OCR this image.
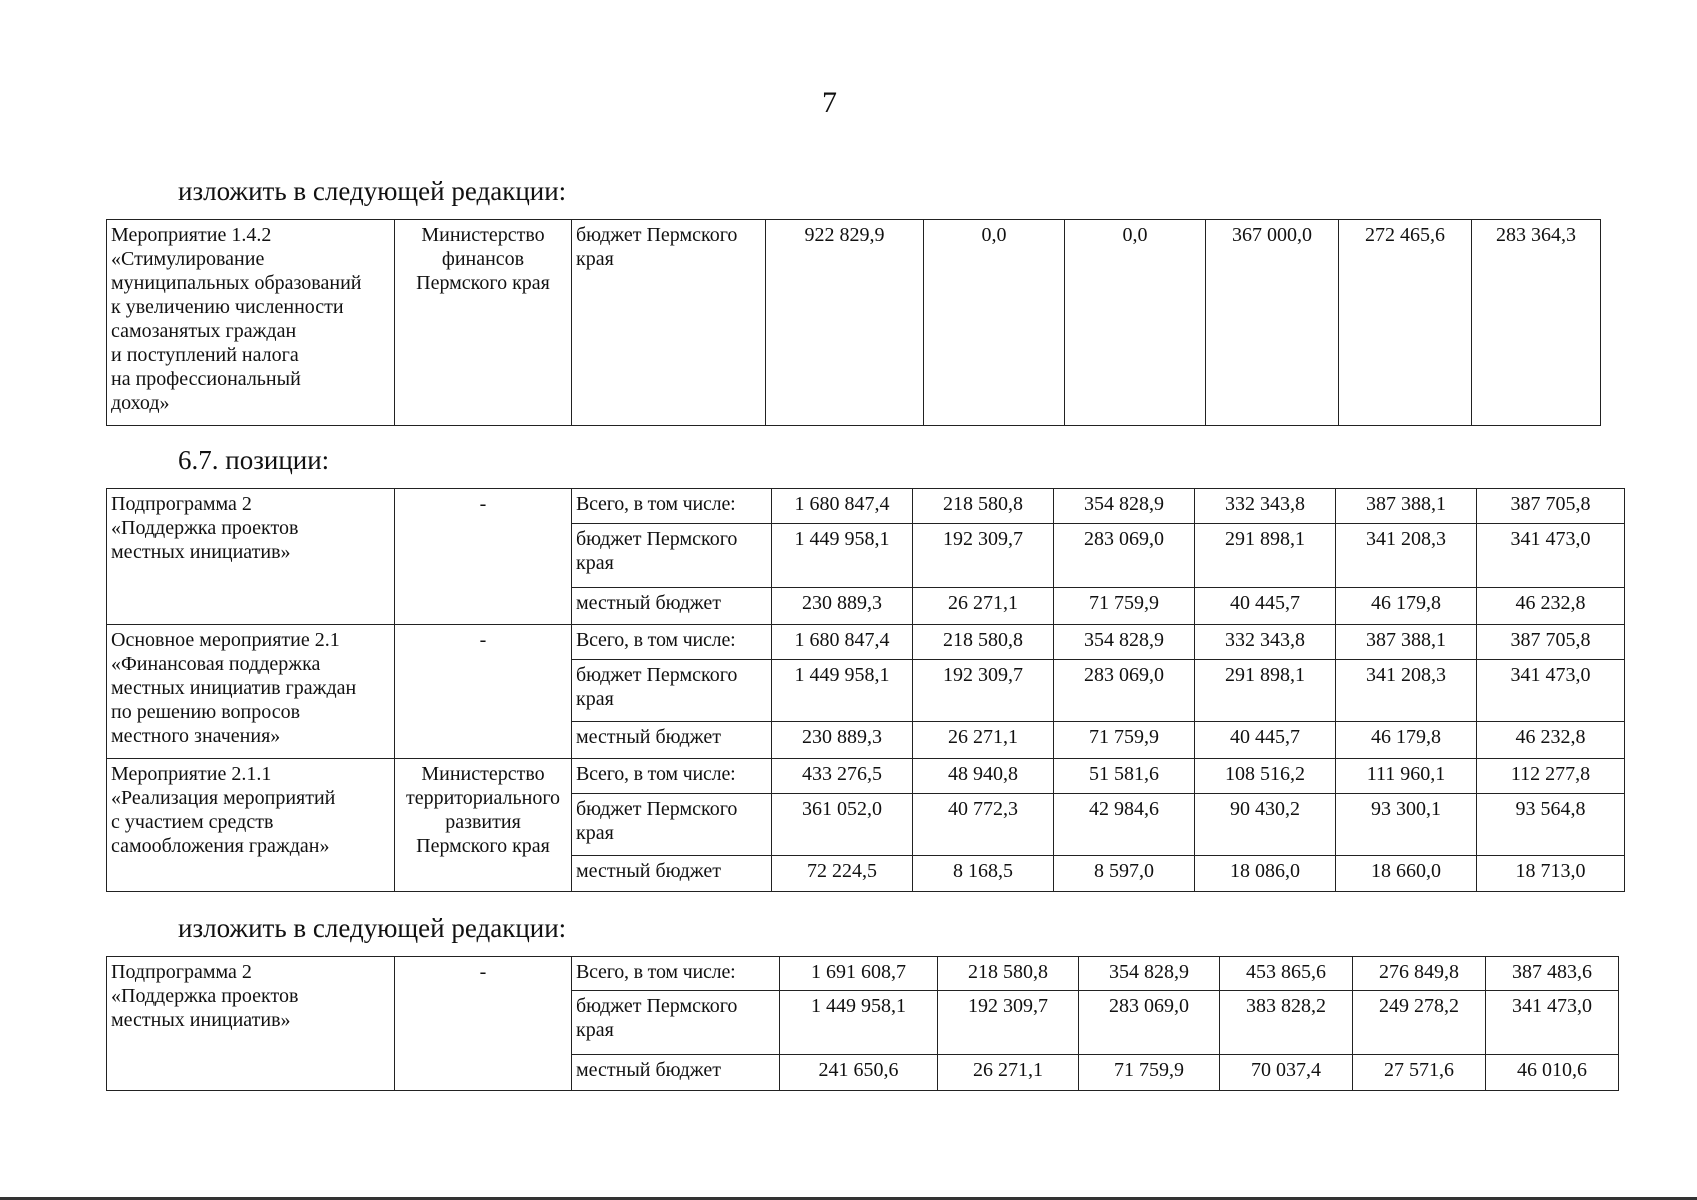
7
изложить в следующей редакции:
Мероприятие 1.4.2
«Стимулирование
муниципальных образований
к увеличению численности
самозанятых граждан
и поступлений налога
на профессиональный
доход»	Министерство
финансов
Пермского края	бюджет Пермского
края	922 829,9	0,0	0,0	367 000,0	272 465,6	283 364,3
6.7. позиции:
Подпрограмма 2
«Поддержка проектов
местных инициатив»	-	Всего, в том числе:	1 680 847,4	218 580,8	354 828,9	332 343,8	387 388,1	387 705,8
		бюджет Пермского края	1 449 958,1	192 309,7	283 069,0	291 898,1	341 208,3	341 473,0
		местный бюджет	230 889,3	26 271,1	71 759,9	40 445,7	46 179,8	46 232,8
Основное мероприятие 2.1
«Финансовая поддержка
местных инициатив граждан
по решению вопросов
местного значения»	-	Всего, в том числе:	1 680 847,4	218 580,8	354 828,9	332 343,8	387 388,1	387 705,8
		бюджет Пермского края	1 449 958,1	192 309,7	283 069,0	291 898,1	341 208,3	341 473,0
		местный бюджет	230 889,3	26 271,1	71 759,9	40 445,7	46 179,8	46 232,8
Мероприятие 2.1.1
«Реализация мероприятий
с участием средств
самообложения граждан»	Министерство
территориального
развития
Пермского края	Всего, в том числе:	433 276,5	48 940,8	51 581,6	108 516,2	111 960,1	112 277,8
		бюджет Пермского края	361 052,0	40 772,3	42 984,6	90 430,2	93 300,1	93 564,8
		местный бюджет	72 224,5	8 168,5	8 597,0	18 086,0	18 660,0	18 713,0
изложить в следующей редакции:
Подпрограмма 2
«Поддержка проектов
местных инициатив»	-	Всего, в том числе:	1 691 608,7	218 580,8	354 828,9	453 865,6	276 849,8	387 483,6
		бюджет Пермского края	1 449 958,1	192 309,7	283 069,0	383 828,2	249 278,2	341 473,0
		местный бюджет	241 650,6	26 271,1	71 759,9	70 037,4	27 571,6	46 010,6
